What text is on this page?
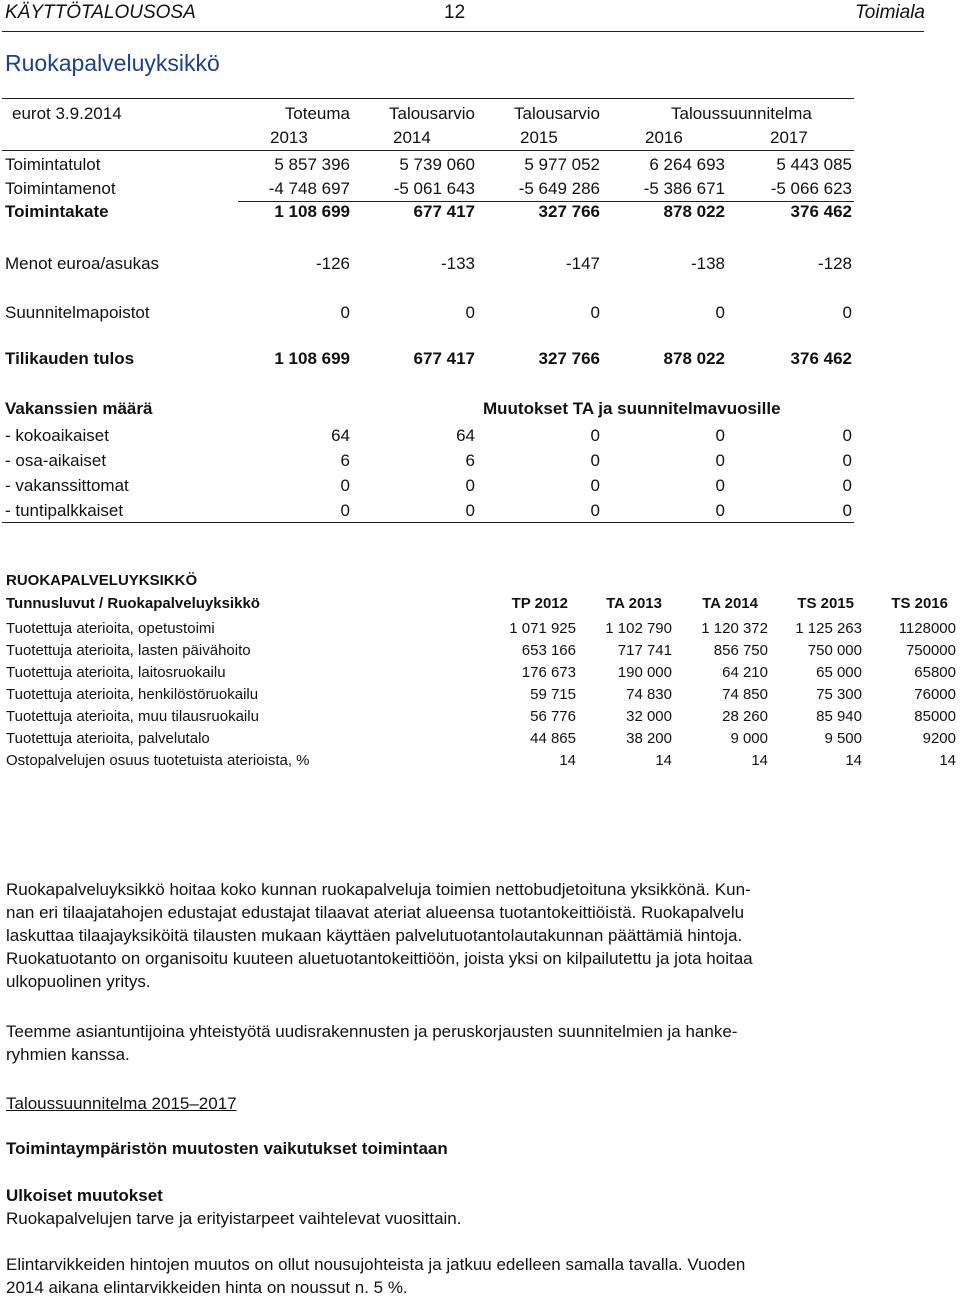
KÄYTTÖTALOUSOSA	12	Toimiala
Ruokapalveluyksikkö
eurot 3.9.2014	Toteuma	Talousarvio	Talousarvio	Taloussuunnitelma
2013	2014	2015	2016	2017
Toimintatulot	5 857 396	5 739 060	5 977 052	6 264 693	5 443 085
Toimintamenot	-4 748 697	-5 061 643	-5 649 286	-5 386 671	-5 066 623
Toimintakate	1 108 699	677 417	327 766	878 022	376 462
Menot euroa/asukas	-126	-133	-147	-138	-128
Suunnitelmapoistot	0	0	0	0	0
Tilikauden tulos	1 108 699	677 417	327 766	878 022	376 462
Vakanssien määrä	Muutokset TA ja suunnitelmavuosille
- kokoaikaiset	64	64	0	0	0
- osa-aikaiset	6	6	0	0	0
- vakanssittomat	0	0	0	0	0
- tuntipalkkaiset	0	0	0	0	0
RUOKAPALVELUYKSIKKÖ
Tunnusluvut / Ruokapalveluyksikkö	TP 2012	TA 2013	TA 2014	TS 2015	TS 2016
Tuotettuja aterioita, opetustoimi	1 071 925	1 102 790	1 120 372	1 125 263	1128000
Tuotettuja aterioita, lasten päivähoito	653 166	717 741	856 750	750 000	750000
Tuotettuja aterioita, laitosruokailu	176 673	190 000	64 210	65 000	65800
Tuotettuja aterioita, henkilöstöruokailu	59 715	74 830	74 850	75 300	76000
Tuotettuja aterioita, muu tilausruokailu	56 776	32 000	28 260	85 940	85000
Tuotettuja aterioita, palvelutalo	44 865	38 200	9 000	9 500	9200
Ostopalvelujen osuus tuotetuista aterioista, %	14	14	14	14	14
Ruokapalveluyksikkö hoitaa koko kunnan ruokapalveluja toimien nettobudjetoituna yksikkönä. Kun-
nan eri tilaajatahojen edustajat edustajat tilaavat ateriat alueensa tuotantokeittiöistä. Ruokapalvelu
laskuttaa tilaajayksiköitä tilausten mukaan käyttäen palvelutuotantolautakunnan päättämiä hintoja.
Ruokatuotanto on organisoitu kuuteen aluetuotantokeittiöön, joista yksi on kilpailutettu ja jota hoitaa
ulkopuolinen yritys.
Teemme asiantuntijoina yhteistyötä uudisrakennusten ja peruskorjausten suunnitelmien ja hanke-
ryhmien kanssa.
Taloussuunnitelma 2015–2017
Toimintaympäristön muutosten vaikutukset toimintaan
Ulkoiset muutokset
Ruokapalvelujen tarve ja erityistarpeet vaihtelevat vuosittain.
Elintarvikkeiden hintojen muutos on ollut nousujohteista ja jatkuu edelleen samalla tavalla. Vuoden
2014 aikana elintarvikkeiden hinta on noussut n. 5 %.
